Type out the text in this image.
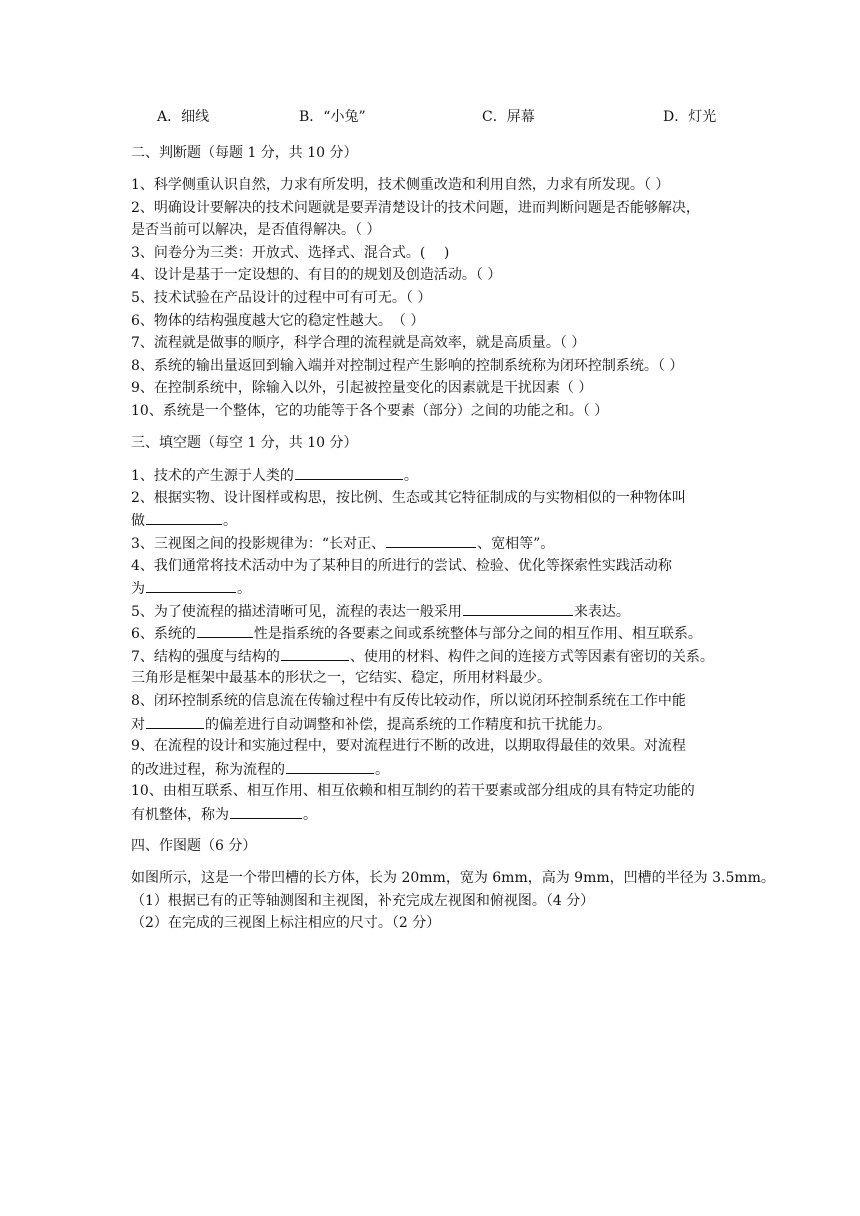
A．细线	B．“小兔”	C．屏幕	D．灯光
二、判断题（每题 1 分，共 10 分）
1、科学侧重认识自然，力求有所发明，技术侧重改造和利用自然，力求有所发现。（ ）
2、明确设计要解决的技术问题就是要弄清楚设计的技术问题，进而判断问题是否能够解决，
是否当前可以解决，是否值得解决。（ ）
3、问卷分为三类：开放式、选择式、混合式。(　 )
4、设计是基于一定设想的、有目的的规划及创造活动。（ ）
5、技术试验在产品设计的过程中可有可无。（ ）
6、物体的结构强度越大它的稳定性越大。　（ ）
7、流程就是做事的顺序，科学合理的流程就是高效率，就是高质量。（ ）
8、系统的输出量返回到输入端并对控制过程产生影响的控制系统称为闭环控制系统。（ ）
9、在控制系统中，除输入以外，引起被控量变化的因素就是干扰因素（ ）
10、系统是一个整体，它的功能等于各个要素（部分）之间的功能之和。（ ）
三、填空题（每空 1 分，共 10 分）
1、技术的产生源于人类的	。
2、根据实物、设计图样或构思，按比例、生态或其它特征制成的与实物相似的一种物体叫
做	。
3、三视图之间的投影规律为：“长对正、	、宽相等”。
4、我们通常将技术活动中为了某种目的所进行的尝试、检验、优化等探索性实践活动称
为	。
5、为了使流程的描述清晰可见，流程的表达一般采用	来表达。
6、系统的	性是指系统的各要素之间或系统整体与部分之间的相互作用、相互联系。
7、结构的强度与结构的	、使用的材料、构件之间的连接方式等因素有密切的关系。
三角形是框架中最基本的形状之一，它结实、稳定，所用材料最少。
8、闭环控制系统的信息流在传输过程中有反传比较动作，所以说闭环控制系统在工作中能
对	的偏差进行自动调整和补偿，提高系统的工作精度和抗干扰能力。
9、在流程的设计和实施过程中，要对流程进行不断的改进，以期取得最佳的效果。对流程
的改进过程，称为流程的	。
10、由相互联系、相互作用、相互依赖和相互制约的若干要素或部分组成的具有特定功能的
有机整体，称为	。
四、作图题（6 分）
如图所示，这是一个带凹槽的长方体，长为 20mm，宽为 6mm，高为 9mm，凹槽的半径为 3.5mm。
（1）根据已有的正等轴测图和主视图，补充完成左视图和俯视图。（4 分）
（2）在完成的三视图上标注相应的尺寸。（2 分）
